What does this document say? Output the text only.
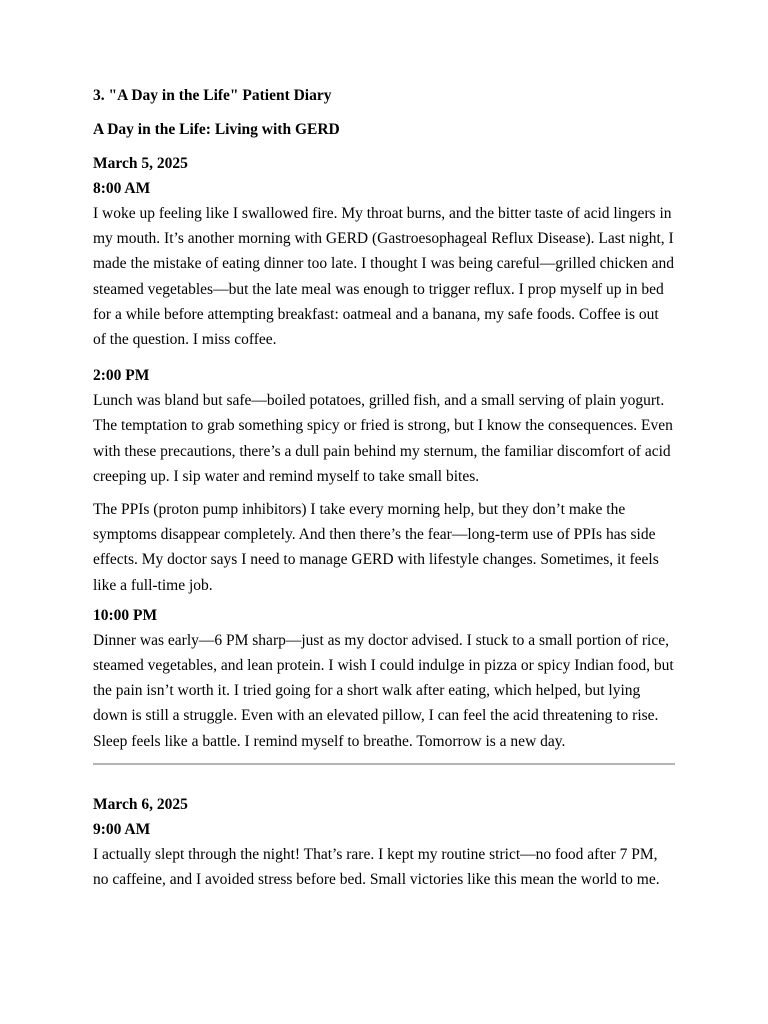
3. "A Day in the Life" Patient Diary
A Day in the Life: Living with GERD
March 5, 2025
8:00 AM

I woke up feeling like I swallowed fire. My throat burns, and the bitter taste of acid lingers in my mouth. It’s another morning with GERD (Gastroesophageal Reflux Disease). Last night, I made the mistake of eating dinner too late. I thought I was being careful—grilled chicken and steamed vegetables—but the late meal was enough to trigger reflux. I prop myself up in bed for a while before attempting breakfast: oatmeal and a banana, my safe foods. Coffee is out of the question. I miss coffee.

2:00 PM

Lunch was bland but safe—boiled potatoes, grilled fish, and a small serving of plain yogurt. The temptation to grab something spicy or fried is strong, but I know the consequences. Even with these precautions, there’s a dull pain behind my sternum, the familiar discomfort of acid creeping up. I sip water and remind myself to take small bites.

The PPIs (proton pump inhibitors) I take every morning help, but they don’t make the symptoms disappear completely. And then there’s the fear—long-term use of PPIs has side effects. My doctor says I need to manage GERD with lifestyle changes. Sometimes, it feels like a full-time job.

10:00 PM

Dinner was early—6 PM sharp—just as my doctor advised. I stuck to a small portion of rice, steamed vegetables, and lean protein. I wish I could indulge in pizza or spicy Indian food, but the pain isn’t worth it. I tried going for a short walk after eating, which helped, but lying down is still a struggle. Even with an elevated pillow, I can feel the acid threatening to rise. Sleep feels like a battle. I remind myself to breathe. Tomorrow is a new day.

March 6, 2025
9:00 AM

I actually slept through the night! That’s rare. I kept my routine strict—no food after 7 PM, no caffeine, and I avoided stress before bed. Small victories like this mean the world to me.
